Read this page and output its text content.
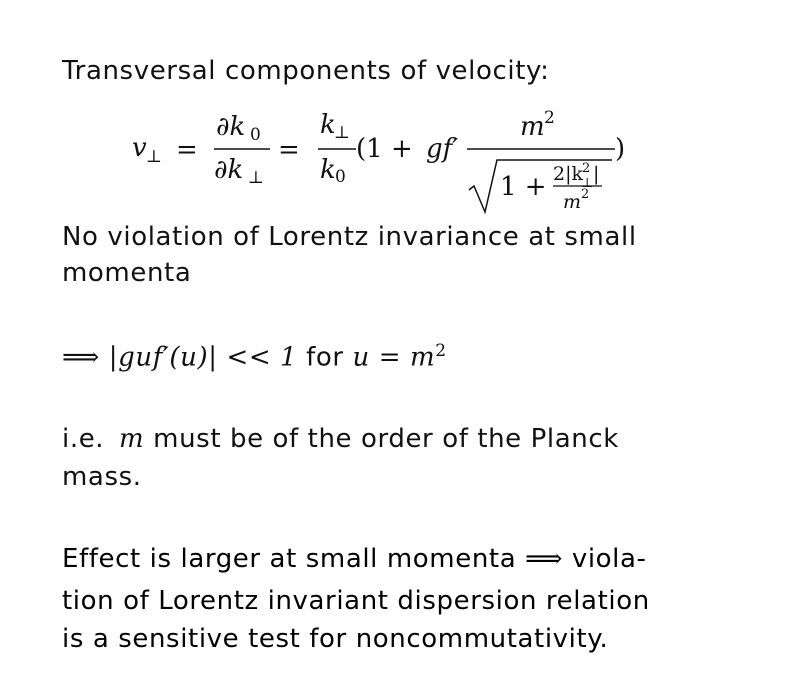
Transversal components of velocity:
v ⊥ =
∂k 0
∂k ⊥
=
k
⊥
k 0
(1 + gf′
m 2
1 + 2|k
⊥
2 |
m 2
)
No violation of Lorentz invariance at small
momenta
⟹ |guf′(u)| << 1 for $u = m^2$
i.e. m must be of the order of the Planck
mass.
Effect is larger at small momenta ⟹ viola-
tion of Lorentz invariant dispersion relation
is a sensitive test for noncommutativity.
